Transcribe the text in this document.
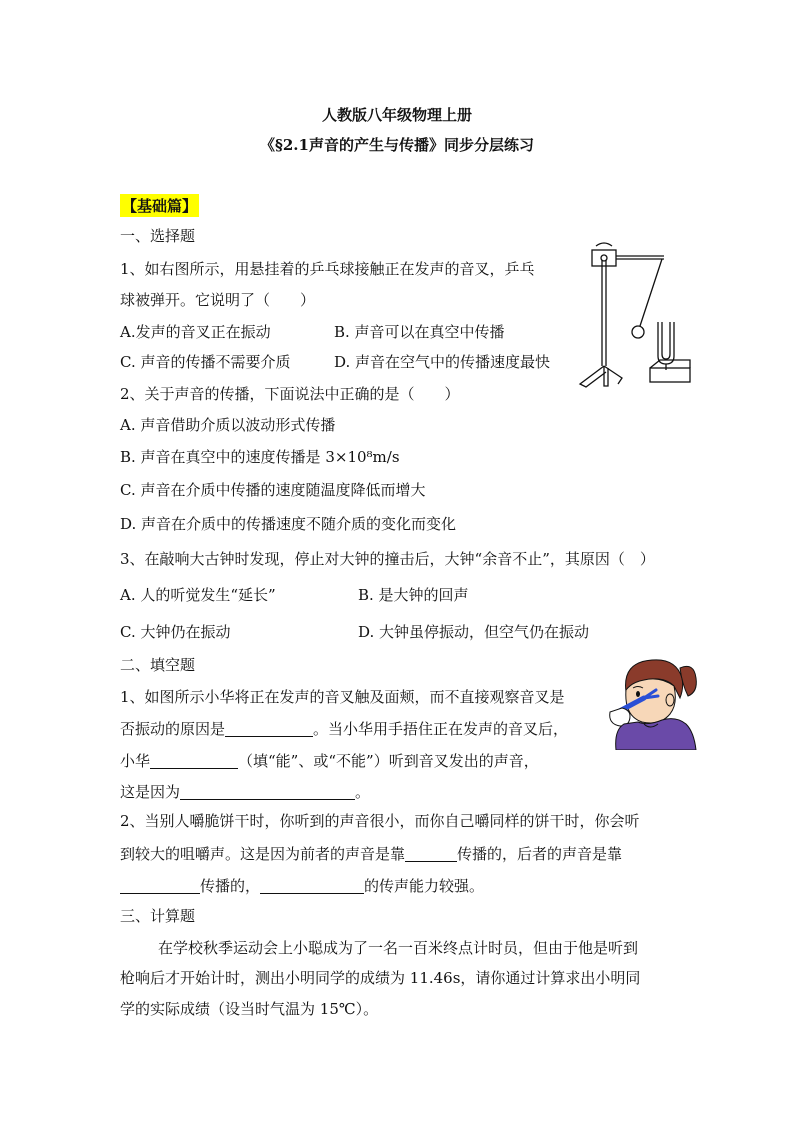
人教版八年级物理上册
《§2.1声音的产生与传播》同步分层练习
【基础篇】
一、选择题
1、如右图所示，用悬挂着的乒乓球接触正在发声的音叉，乒乓
球被弹开。它说明了（　　）
A.发声的音叉正在振动	B. 声音可以在真空中传播
C. 声音的传播不需要介质	D. 声音在空气中的传播速度最快
2、关于声音的传播，下面说法中正确的是（　　）
A. 声音借助介质以波动形式传播
B. 声音在真空中的速度传播是 3×10⁸m/s
C. 声音在介质中传播的速度随温度降低而增大
D. 声音在介质中的传播速度不随介质的变化而变化
3、在敲响大古钟时发现，停止对大钟的撞击后，大钟“余音不止”，其原因（　）
A. 人的听觉发生“延长”	B. 是大钟的回声
C. 大钟仍在振动	D. 大钟虽停振动，但空气仍在振动
二、填空题
1、如图所示小华将正在发声的音叉触及面颊，而不直接观察音叉是
否振动的原因是	。当小华用手捂住正在发声的音叉后，
小华	（填“能”、或“不能”）听到音叉发出的声音，
这是因为	。
2、当别人嚼脆饼干时，你听到的声音很小，而你自己嚼同样的饼干时，你会听
到较大的咀嚼声。这是因为前者的声音是靠	传播的，后者的声音是靠
传播的，	的传声能力较强。
三、计算题
在学校秋季运动会上小聪成为了一名一百米终点计时员，但由于他是听到
枪响后才开始计时，测出小明同学的成绩为 11.46s，请你通过计算求出小明同
学的实际成绩（设当时气温为 15℃）。
